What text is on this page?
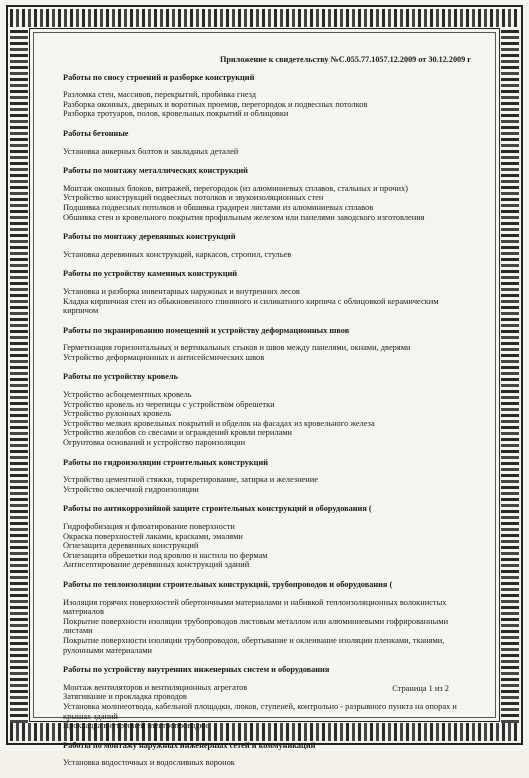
Приложение к свидетельству №С.055.77.1057.12.2009 от 30.12.2009 г
Работы по сносу строений и разборке конструкций
Разломка стен, массивов, перекрытий, пробивка гнезд
Разборка оконных, дверных и воротных проемов, перегородок и подвесных потолков
Разборка тротуаров, полов, кровельных покрытий и облицовки
Работы бетонные
Установка анкерных болтов и закладных деталей
Работы по монтажу металлических конструкций
Монтаж оконных блоков, витражей, перегородок (из алюминиевых сплавов, стальных и прочих)
Устройство конструкций подвесных потолков и звукоизоляционных стен
Подшивка подвесных потолков и обшивка градирен листами из алюминиевых сплавов
Обшивка стен и кровельного покрытия профильным железом или панелями заводского изготовления
Работы по монтажу деревянных конструкций
Установка деревянных конструкций, каркасов, стропил, стульев
Работы по устройству каменных конструкций
Установка и разборка инвентарных наружных и внутренних лесов
Кладка кирпичная стен из обыкновенного глиняного и силикатного кирпича с облицовкой керамическим кирпичом
Работы по экранированию помещений и устройству деформационных швов
Герметизация горизонтальных и вертикальных стыков и швов между панелями, окнами, дверями
Устройство деформационных и антисейсмических швов
Работы по устройству кровель
Устройство асбоцементных кровель
Устройство кровель из черепицы с устройством обрешетки
Устройство рулонных кровель
Устройство мелких кровельных покрытий и обделок на фасадах из кровельного железа
Устройство желобов со свесами и ограждений кровли перилами
Огрунтовка оснований и устройство пароизоляции
Работы по гидроизоляции строительных конструкций
Устройство цементной стяжки, торкретирование, затирка и железнение
Устройство оклеечной гидроизоляции
Работы по антикоррозийной защите строительных конструкций и оборудования (
Гидрофобизация и флюатирование поверхности
Окраска поверхностей лаками, красками, эмалями
Огнезащита деревянных конструкций
Огнезащита обрешетки под кровлю и настила по фермам
Антисептирование деревянных конструкций зданий
Работы по теплоизоляции строительных конструкций, трубопроводов и оборудования (
Изоляция горячих поверхностей обертончными материалами и набивкой теплоизоляционных волокнистых материалов
Покрытие поверхности изоляции трубопроводов листовым металлом или алюминиевыми гофрированными листами
Покрытие поверхности изоляции трубопроводов, обертывание и оклеивание изоляции пленками, тканями, рулонными материалами
Работы по устройству внутренних инженерных систем и оборудования
Монтаж вентиляторов и вентиляционных агрегатов
Затягивание и прокладка проводов
Установка молниеотвода, кабельной площадки, люков, ступеней, контрольно - разрывного пункта на опорах и крышах зданий
Прокладка внутренней электропроводки
Работы по монтажу наружных инженерных сетей и коммуникаций
Установка водосточных и водосливных воронок
Страница 1 из 2
